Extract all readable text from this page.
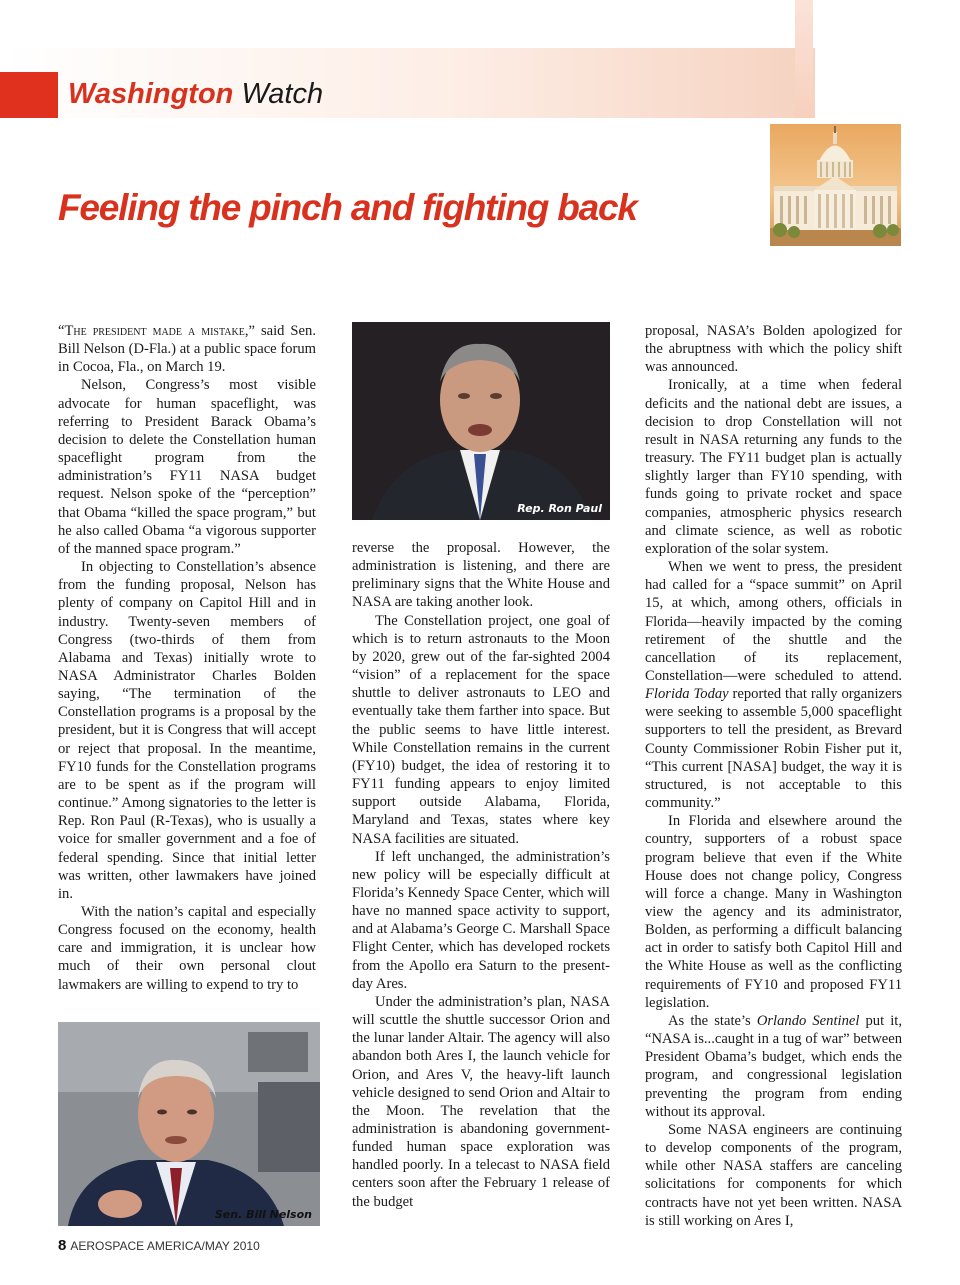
Washington Watch
Feeling the pinch and fighting back

“The president made a mistake,” said Sen. Bill Nelson (D-Fla.) at a public space forum in Cocoa, Fla., on March 19.

Nelson, Congress’s most visible advocate for human spaceflight, was referring to President Barack Obama’s decision to delete the Constellation human spaceflight program from the administration’s FY11 NASA budget request. Nelson spoke of the “perception” that Obama “killed the space program,” but he also called Obama “a vigorous supporter of the manned space program.”

In objecting to Constellation’s absence from the funding proposal, Nelson has plenty of company on Capitol Hill and in industry. Twenty-seven members of Congress (two-thirds of them from Alabama and Texas) initially wrote to NASA Administrator Charles Bolden saying, “The termination of the Constellation programs is a proposal by the president, but it is Congress that will accept or reject that proposal. In the meantime, FY10 funds for the Constellation programs are to be spent as if the program will continue.” Among signatories to the letter is Rep. Ron Paul (R-Texas), who is usually a voice for smaller government and a foe of federal spending. Since that initial letter was written, other lawmakers have joined in.

With the nation’s capital and especially Congress focused on the economy, health care and immigration, it is unclear how much of their own personal clout lawmakers are willing to expend to try to

Rep. Ron Paul

reverse the proposal. However, the administration is listening, and there are preliminary signs that the White House and NASA are taking another look.

The Constellation project, one goal of which is to return astronauts to the Moon by 2020, grew out of the far-sighted 2004 “vision” of a replacement for the space shuttle to deliver astronauts to LEO and eventually take them farther into space. But the public seems to have little interest. While Constellation remains in the current (FY10) budget, the idea of restoring it to FY11 funding appears to enjoy limited support outside Alabama, Florida, Maryland and Texas, states where key NASA facilities are situated.

If left unchanged, the administration’s new policy will be especially difficult at Florida’s Kennedy Space Center, which will have no manned space activity to support, and at Alabama’s George C. Marshall Space Flight Center, which has developed rockets from the Apollo era Saturn to the present-day Ares.

Under the administration’s plan, NASA will scuttle the shuttle successor Orion and the lunar lander Altair. The agency will also abandon both Ares I, the launch vehicle for Orion, and Ares V, the heavy-lift launch vehicle designed to send Orion and Altair to the Moon. The revelation that the administration is abandoning government-funded human space exploration was handled poorly. In a telecast to NASA field centers soon after the February 1 release of the budget

proposal, NASA’s Bolden apologized for the abruptness with which the policy shift was announced.

Ironically, at a time when federal deficits and the national debt are issues, a decision to drop Constellation will not result in NASA returning any funds to the treasury. The FY11 budget plan is actually slightly larger than FY10 spending, with funds going to private rocket and space companies, atmospheric physics research and climate science, as well as robotic exploration of the solar system.

When we went to press, the president had called for a “space summit” on April 15, at which, among others, officials in Florida—heavily impacted by the coming retirement of the shuttle and the cancellation of its replacement, Constellation—were scheduled to attend. Florida Today reported that rally organizers were seeking to assemble 5,000 spaceflight supporters to tell the president, as Brevard County Commissioner Robin Fisher put it, “This current [NASA] budget, the way it is structured, is not acceptable to this community.”

In Florida and elsewhere around the country, supporters of a robust space program believe that even if the White House does not change policy, Congress will force a change. Many in Washington view the agency and its administrator, Bolden, as performing a difficult balancing act in order to satisfy both Capitol Hill and the White House as well as the conflicting requirements of FY10 and proposed FY11 legislation.

As the state’s Orlando Sentinel put it, “NASA is...caught in a tug of war” between President Obama’s budget, which ends the program, and congressional legislation preventing the program from ending without its approval.

Some NASA engineers are continuing to develop components of the program, while other NASA staffers are canceling solicitations for components for which contracts have not yet been written. NASA is still working on Ares I,

Sen. Bill Nelson
8 AEROSPACE AMERICA/MAY 2010
